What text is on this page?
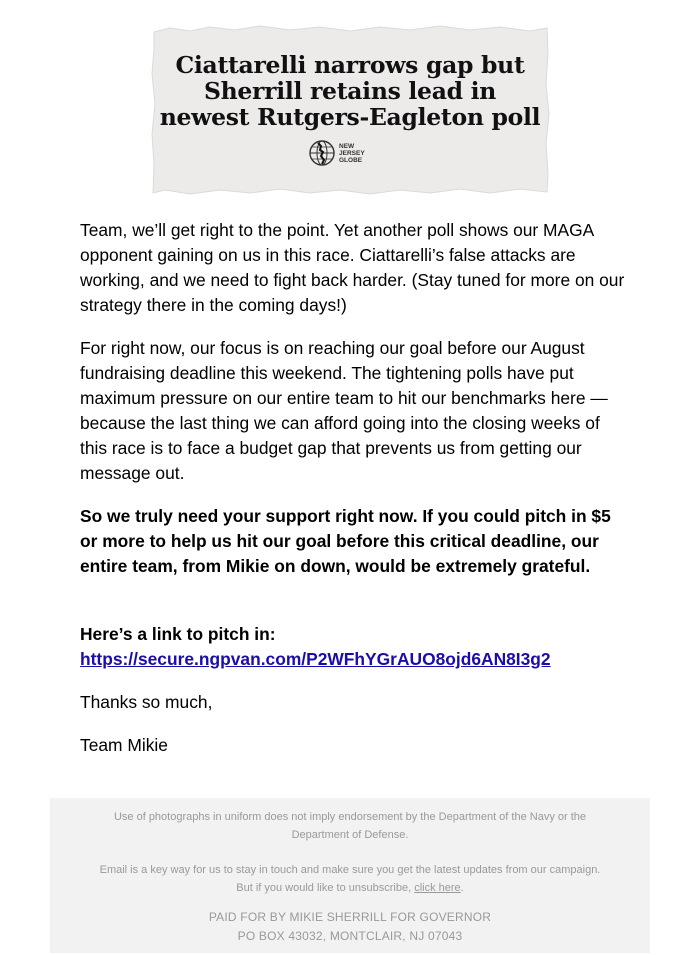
Ciattarelli narrows gap but
Sherrill retains lead in
newest Rutgers-Eagleton poll
NEW
JERSEY
GLOBE

Team, we’ll get right to the point. Yet another poll shows our MAGA opponent gaining on us in this race. Ciattarelli’s false attacks are working, and we need to fight back harder. (Stay tuned for more on our strategy there in the coming days!)

For right now, our focus is on reaching our goal before our August fundraising deadline this weekend. The tightening polls have put maximum pressure on our entire team to hit our benchmarks here — because the last thing we can afford going into the closing weeks of this race is to face a budget gap that prevents us from getting our message out.

So we truly need your support right now. If you could pitch in $5 or more to help us hit our goal before this critical deadline, our entire team, from Mikie on down, would be extremely grateful.

Here’s a link to pitch in:
https://secure.ngpvan.com/P2WFhYGrAUO8ojd6AN8I3g2

Thanks so much,

Team Mikie

Use of photographs in uniform does not imply endorsement by the Department of the Navy or the Department of Defense.
Email is a key way for us to stay in touch and make sure you get the latest updates from our campaign. But if you would like to unsubscribe, click here.
PAID FOR BY MIKIE SHERRILL FOR GOVERNOR
PO BOX 43032, MONTCLAIR, NJ 07043
